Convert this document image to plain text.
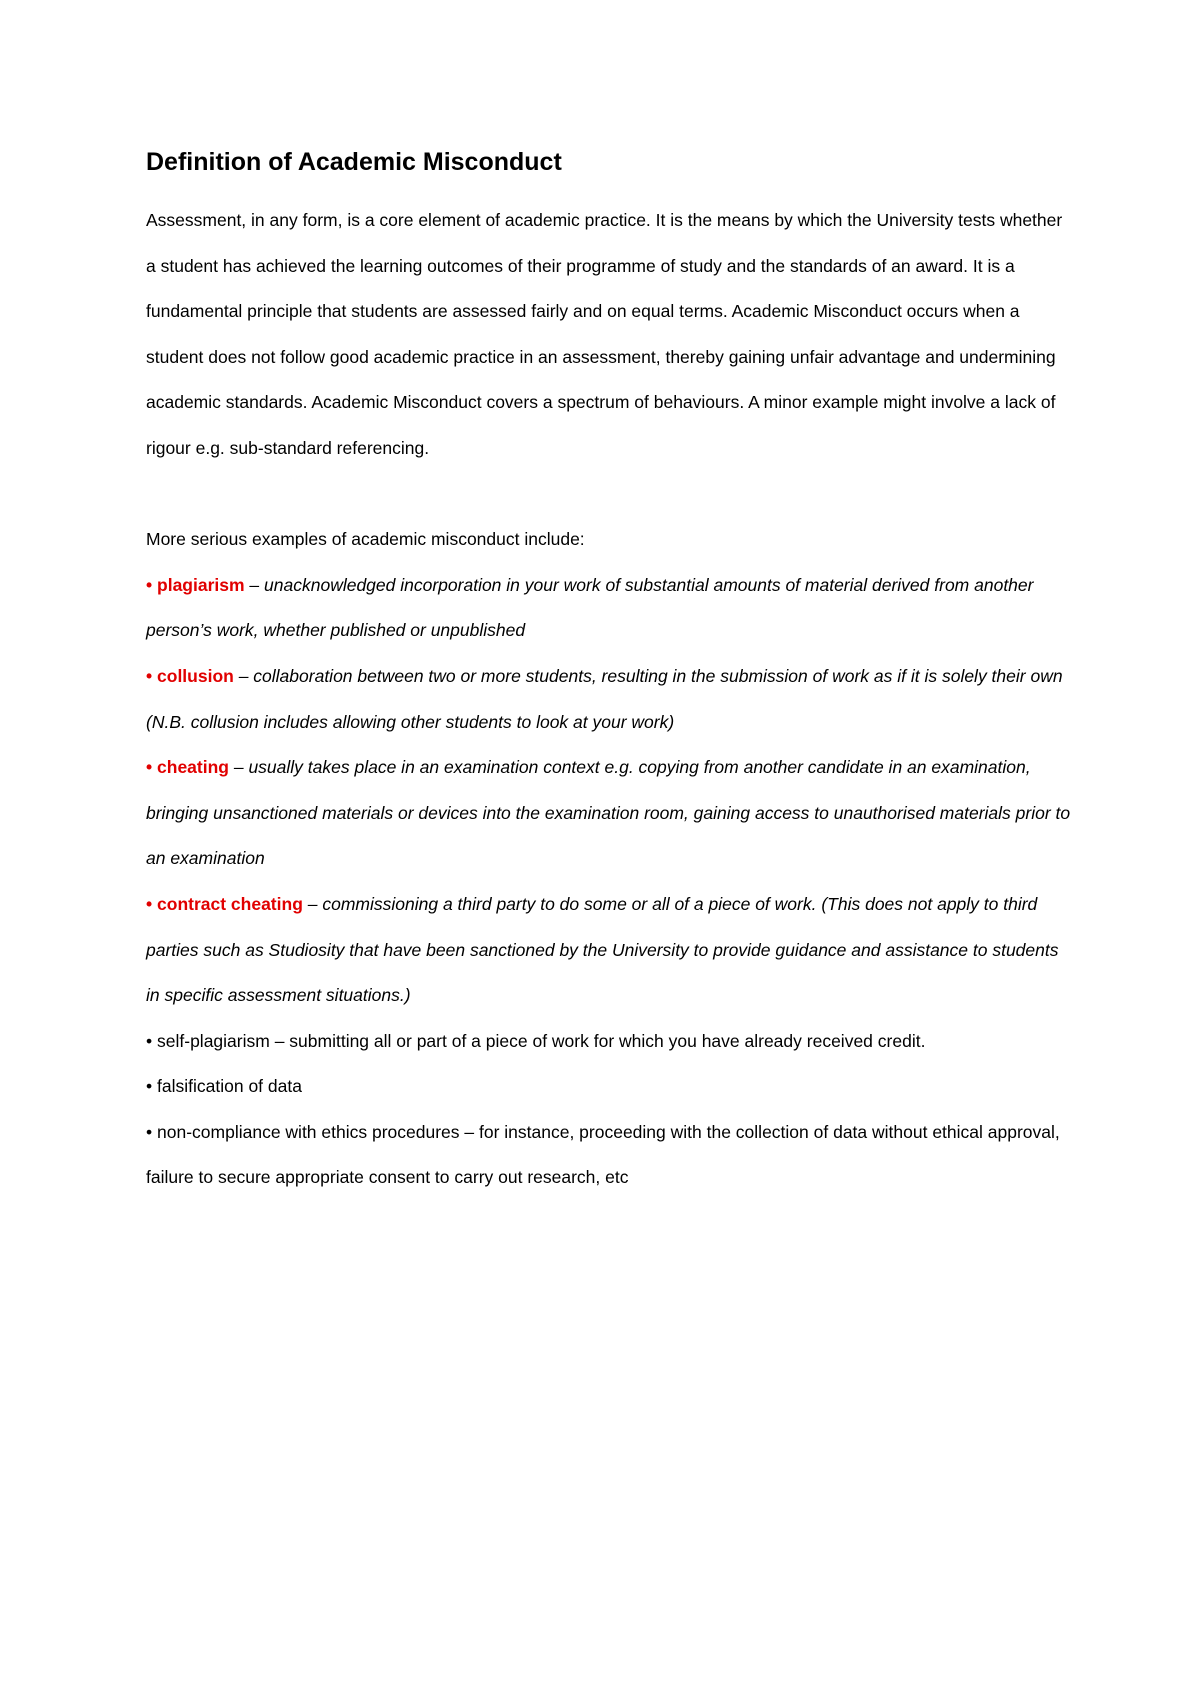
Definition of Academic Misconduct

Assessment, in any form, is a core element of academic practice. It is the means by which the University tests whether a student has achieved the learning outcomes of their programme of study and the standards of an award. It is a fundamental principle that students are assessed fairly and on equal terms. Academic Misconduct occurs when a student does not follow good academic practice in an assessment, thereby gaining unfair advantage and undermining academic standards. Academic Misconduct covers a spectrum of behaviours. A minor example might involve a lack of rigour e.g. sub-standard referencing.

More serious examples of academic misconduct include:

• plagiarism – unacknowledged incorporation in your work of substantial amounts of material derived from another person’s work, whether published or unpublished

• collusion – collaboration between two or more students, resulting in the submission of work as if it is solely their own (N.B. collusion includes allowing other students to look at your work)

• cheating – usually takes place in an examination context e.g. copying from another candidate in an examination, bringing unsanctioned materials or devices into the examination room, gaining access to unauthorised materials prior to an examination

• contract cheating – commissioning a third party to do some or all of a piece of work. (This does not apply to third parties such as Studiosity that have been sanctioned by the University to provide guidance and assistance to students in specific assessment situations.)

• self-plagiarism – submitting all or part of a piece of work for which you have already received credit.

• falsification of data

• non-compliance with ethics procedures – for instance, proceeding with the collection of data without ethical approval, failure to secure appropriate consent to carry out research, etc
